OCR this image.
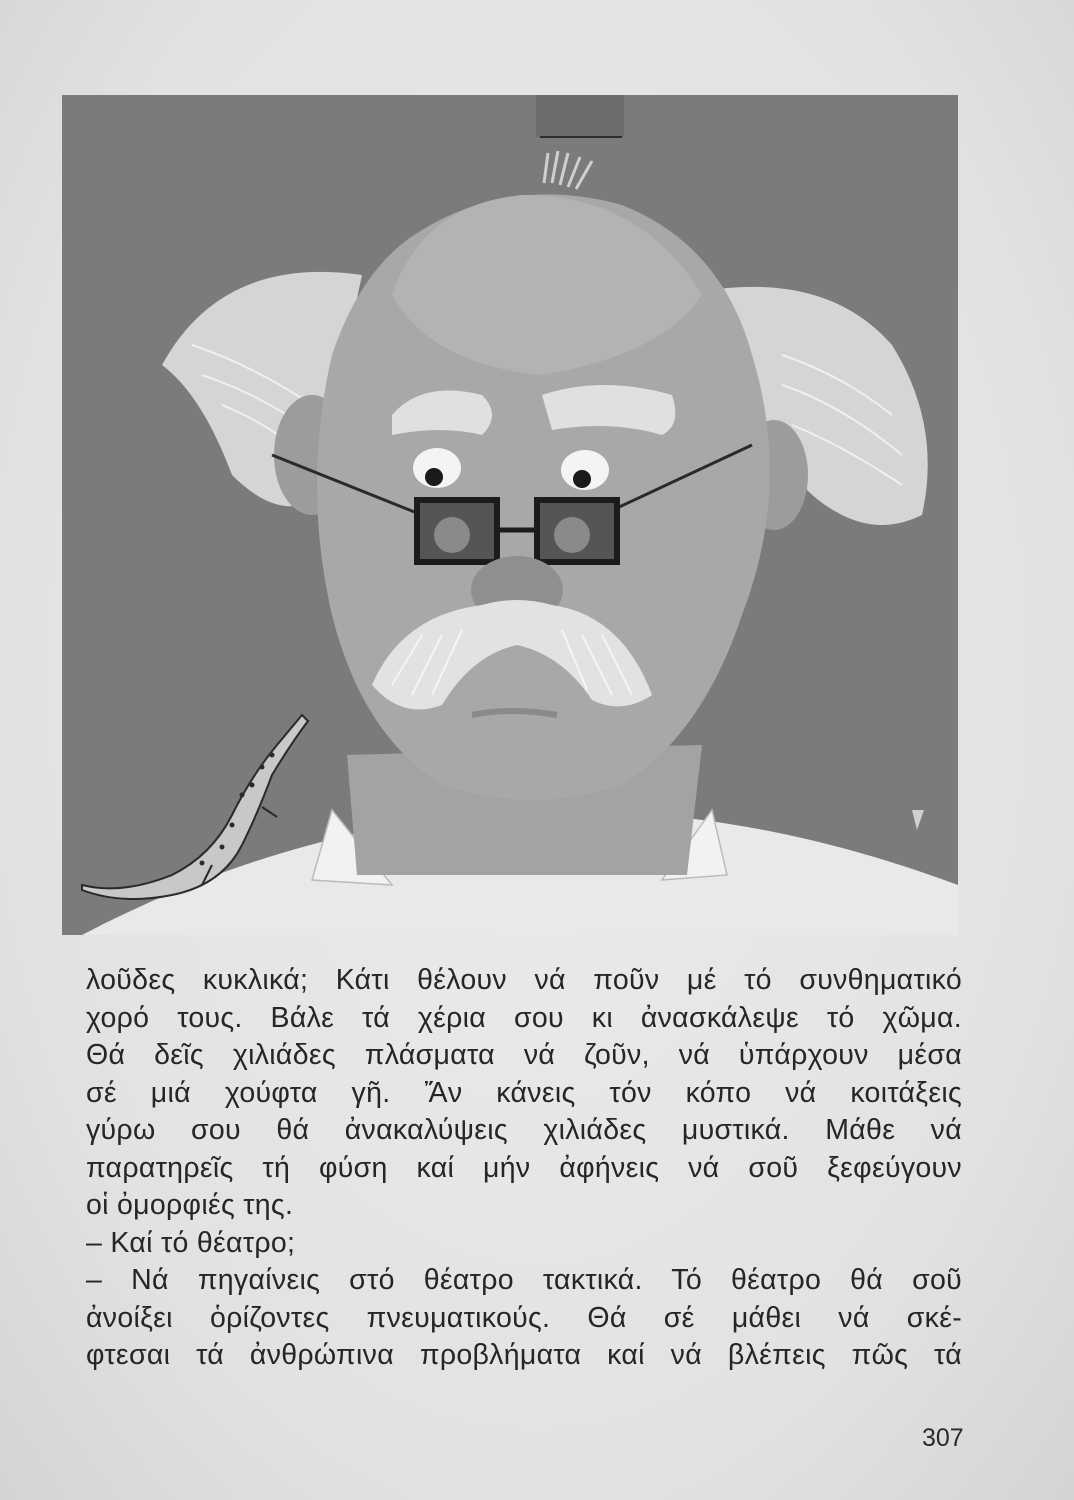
λοῦδες κυκλικά; Κάτι θέλουν νά ποῦν μέ τό συνθηματικό
χορό τους. Βάλε τά χέρια σου κι ἀνασκάλεψε τό χῶμα.
Θά δεῖς χιλιάδες πλάσματα νά ζοῦν, νά ὑπάρχουν μέσα
σέ μιά χούφτα γῆ. Ἄν κάνεις τόν κόπο νά κοιτάξεις
γύρω σου θά ἀνακαλύψεις χιλιάδες μυστικά. Μάθε νά
παρατηρεῖς τή φύση καί μήν ἀφήνεις νά σοῦ ξεφεύγουν
οἱ ὀμορφιές της.
– Καί τό θέατρο;
– Νά πηγαίνεις στό θέατρο τακτικά. Τό θέατρο θά σοῦ
ἀνοίξει ὁρίζοντες πνευματικούς. Θά σέ μάθει νά σκέ-
φτεσαι τά ἀνθρώπινα προβλήματα καί νά βλέπεις πῶς τά
307
